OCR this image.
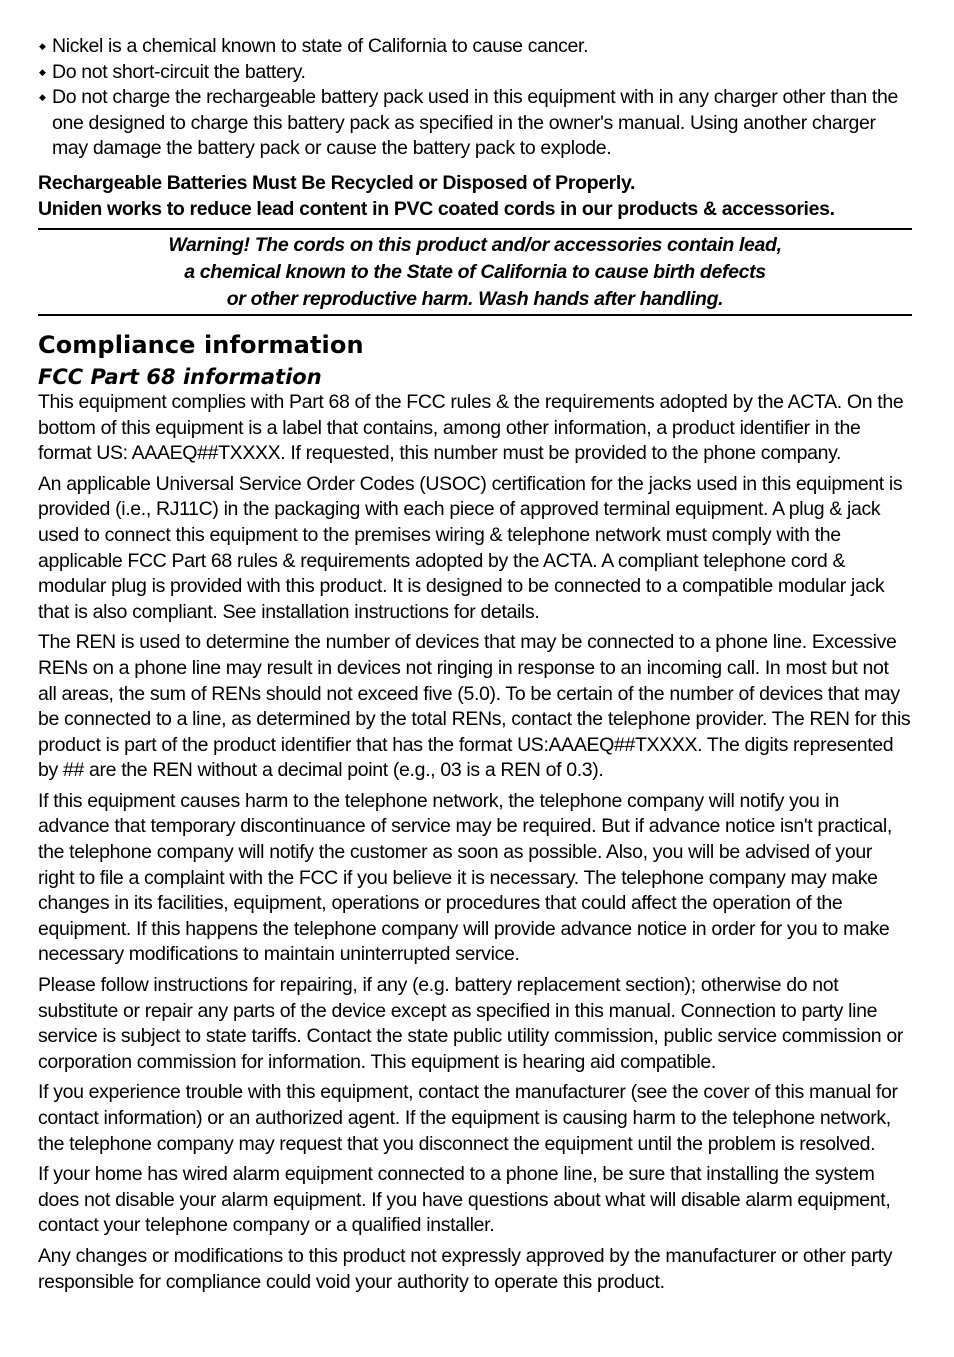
◆ Nickel is a chemical known to state of California to cause cancer.
◆ Do not short-circuit the battery.
◆ Do not charge the rechargeable battery pack used in this equipment with in any charger other than the one designed to charge this battery pack as specified in the owner's manual. Using another charger may damage the battery pack or cause the battery pack to explode.
Rechargeable Batteries Must Be Recycled or Disposed of Properly.
Uniden works to reduce lead content in PVC coated cords in our products & accessories.
Warning! The cords on this product and/or accessories contain lead,
a chemical known to the State of California to cause birth defects
or other reproductive harm. Wash hands after handling.
Compliance information
FCC Part 68 information

This equipment complies with Part 68 of the FCC rules & the requirements adopted by the ACTA. On the bottom of this equipment is a label that contains, among other information, a product identifier in the format US: AAAEQ##TXXXX. If requested, this number must be provided to the phone company.

An applicable Universal Service Order Codes (USOC) certification for the jacks used in this equipment is provided (i.e., RJ11C) in the packaging with each piece of approved terminal equipment. A plug & jack used to connect this equipment to the premises wiring & telephone network must comply with the applicable FCC Part 68 rules & requirements adopted by the ACTA. A compliant telephone cord & modular plug is provided with this product. It is designed to be connected to a compatible modular jack that is also compliant. See installation instructions for details.

The REN is used to determine the number of devices that may be connected to a phone line. Excessive RENs on a phone line may result in devices not ringing in response to an incoming call. In most but not all areas, the sum of RENs should not exceed five (5.0). To be certain of the number of devices that may be connected to a line, as determined by the total RENs, contact the telephone provider. The REN for this product is part of the product identifier that has the format US:AAAEQ##TXXXX. The digits represented by ## are the REN without a decimal point (e.g., 03 is a REN of 0.3).

If this equipment causes harm to the telephone network, the telephone company will notify you in advance that temporary discontinuance of service may be required. But if advance notice isn't practical, the telephone company will notify the customer as soon as possible. Also, you will be advised of your right to file a complaint with the FCC if you believe it is necessary. The telephone company may make changes in its facilities, equipment, operations or procedures that could affect the operation of the equipment. If this happens the telephone company will provide advance notice in order for you to make necessary modifications to maintain uninterrupted service.

Please follow instructions for repairing, if any (e.g. battery replacement section); otherwise do not substitute or repair any parts of the device except as specified in this manual. Connection to party line service is subject to state tariffs. Contact the state public utility commission, public service commission or corporation commission for information. This equipment is hearing aid compatible.

If you experience trouble with this equipment, contact the manufacturer (see the cover of this manual for contact information) or an authorized agent. If the equipment is causing harm to the telephone network, the telephone company may request that you disconnect the equipment until the problem is resolved.

If your home has wired alarm equipment connected to a phone line, be sure that installing the system does not disable your alarm equipment. If you have questions about what will disable alarm equipment, contact your telephone company or a qualified installer.

Any changes or modifications to this product not expressly approved by the manufacturer or other party responsible for compliance could void your authority to operate this product.
